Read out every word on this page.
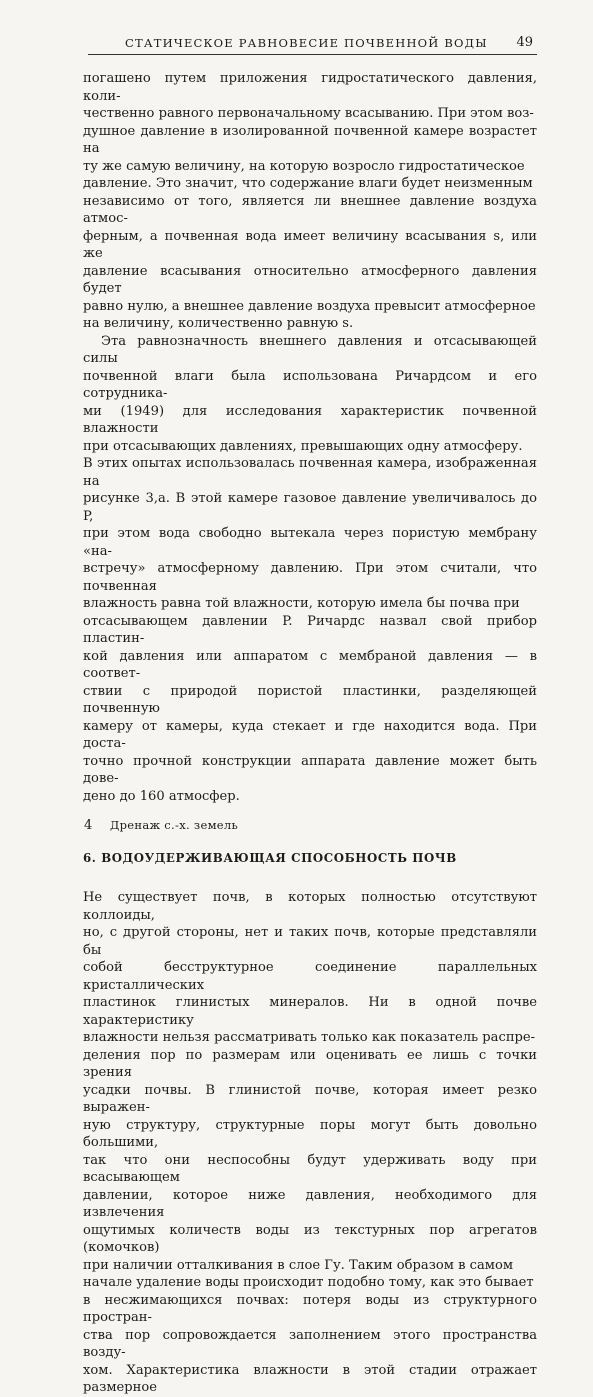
СТАТИЧЕСКОЕ РАВНОВЕСИЕ ПОЧВЕННОЙ ВОДЫ 49

погашено путем приложения гидростатического давления, коли-
чественно равного первоначальному всасыванию. При этом воз-
душное давление в изолированной почвенной камере возрастет на
ту же самую величину, на которую возросло гидростатическое
давление. Это значит, что содержание влаги будет неизменным
независимо от того, является ли внешнее давление воздуха атмос-
ферным, а почвенная вода имеет величину всасывания s, или же
давление всасывания относительно атмосферного давления будет
равно нулю, а внешнее давление воздуха превысит атмосферное
на величину, количественно равную s.

Эта равнозначность внешнего давления и отсасывающей силы
почвенной влаги была использована Ричардсом и его сотрудника-
ми (1949) для исследования характеристик почвенной влажности
при отсасывающих давлениях, превышающих одну атмосферу.
В этих опытах использовалась почвенная камера, изображенная на
рисунке 3,а. В этой камере газовое давление увеличивалось до P,
при этом вода свободно вытекала через пористую мембрану «на-
встречу» атмосферному давлению. При этом считали, что почвенная
влажность равна той влажности, которую имела бы почва при
отсасывающем давлении P. Ричардс назвал свой прибор пластин-
кой давления или аппаратом с мембраной давления — в соответ-
ствии с природой пористой пластинки, разделяющей почвенную
камеру от камеры, куда стекает и где находится вода. При доста-
точно прочной конструкции аппарата давление может быть дове-
дено до 160 атмосфер.

6. ВОДОУДЕРЖИВАЮЩАЯ СПОСОБНОСТЬ ПОЧВ

Не существует почв, в которых полностью отсутствуют коллоиды,
но, с другой стороны, нет и таких почв, которые представляли бы
собой бесструктурное соединение параллельных кристаллических
пластинок глинистых минералов. Ни в одной почве характеристику
влажности нельзя рассматривать только как показатель распре-
деления пор по размерам или оценивать ее лишь с точки зрения
усадки почвы. В глинистой почве, которая имеет резко выражен-
ную структуру, структурные поры могут быть довольно большими,
так что они неспособны будут удерживать воду при всасывающем
давлении, которое ниже давления, необходимого для извлечения
ощутимых количеств воды из текстурных пор агрегатов (комочков)
при наличии отталкивания в слое Гу. Таким образом в самом
начале удаление воды происходит подобно тому, как это бывает
в несжимающихся почвах: потеря воды из структурного простран-
ства пор сопровождается заполнением этого пространства возду-
хом. Характеристика влажности в этой стадии отражает размерное

4 Дренаж с.-х. земель
